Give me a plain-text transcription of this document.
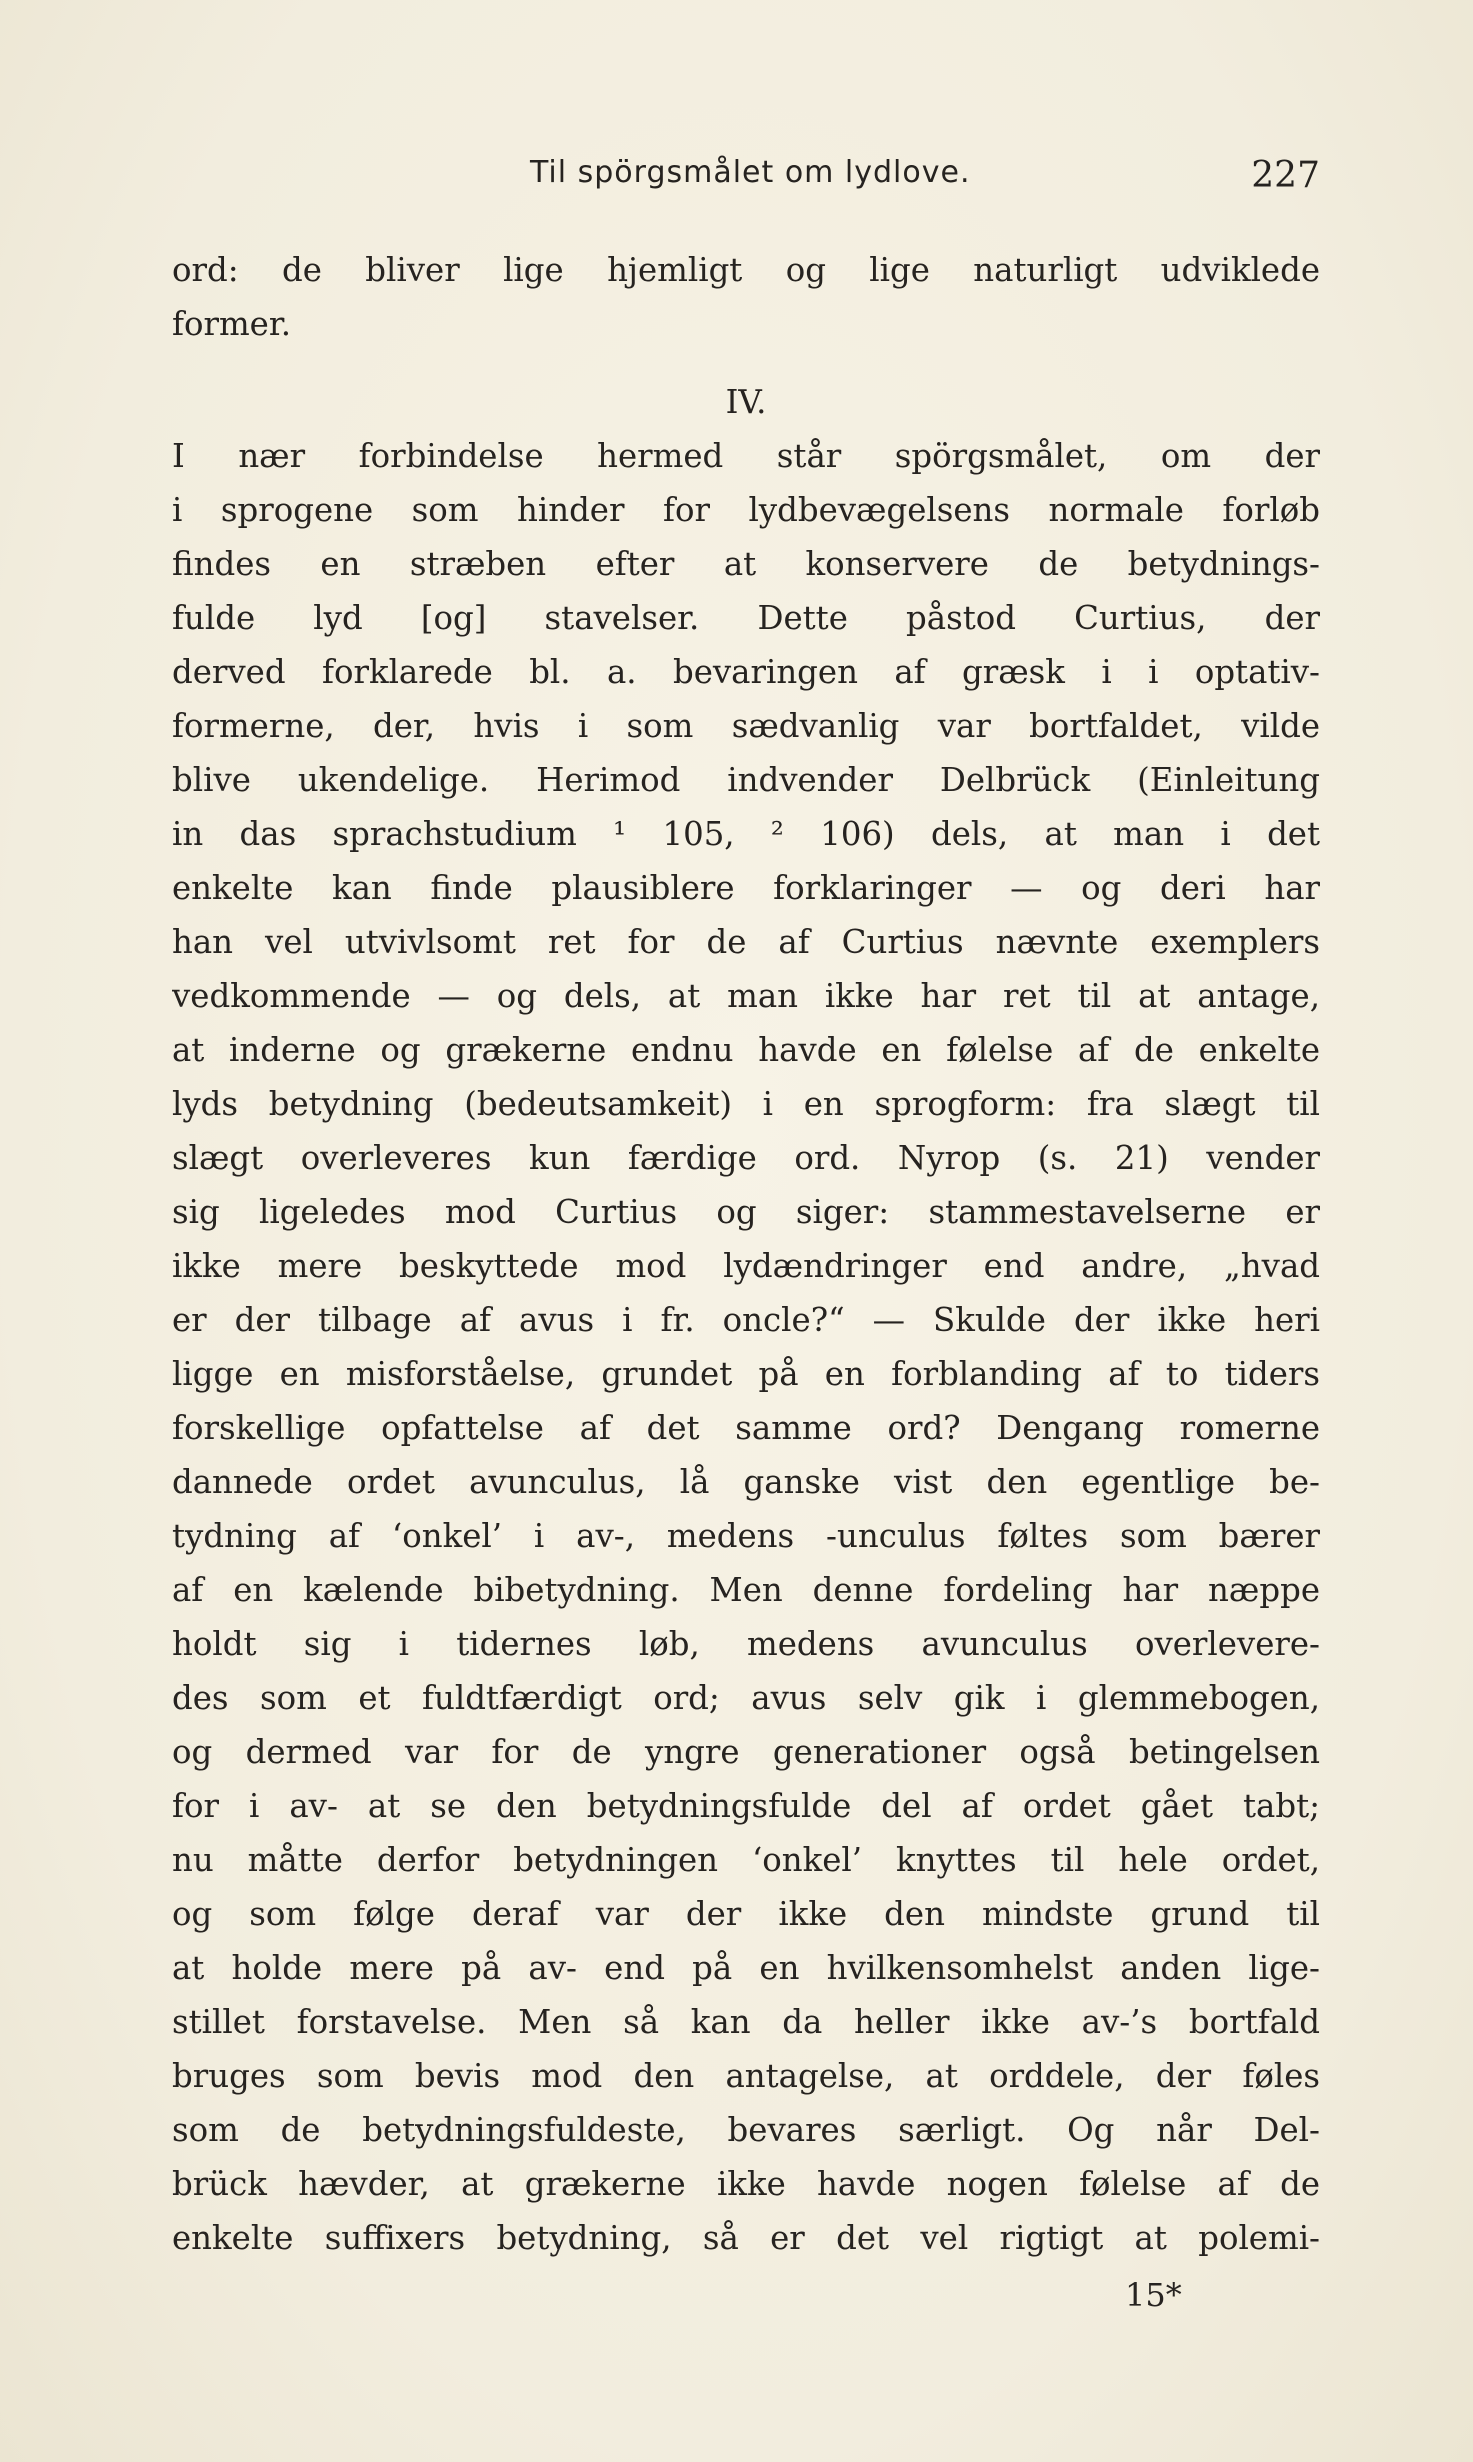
Til spörgsmålet om lydlove.	227
ord: de bliver lige hjemligt og lige naturligt udviklede
former.
IV.
I nær forbindelse hermed står spörgsmålet, om der
i sprogene som hinder for lydbevægelsens normale forløb
findes en stræben efter at konservere de betydnings-
fulde lyd [og] stavelser. Dette påstod Curtius, der
derved forklarede bl. a. bevaringen af græsk i i optativ-
formerne, der, hvis i som sædvanlig var bortfaldet, vilde
blive ukendelige. Herimod indvender Delbrück (Einleitung
in das sprachstudium ¹ 105, ² 106) dels, at man i det
enkelte kan finde plausiblere forklaringer — og deri har
han vel utvivlsomt ret for de af Curtius nævnte exemplers
vedkommende — og dels, at man ikke har ret til at antage,
at inderne og grækerne endnu havde en følelse af de enkelte
lyds betydning (bedeutsamkeit) i en sprogform: fra slægt til
slægt overleveres kun færdige ord. Nyrop (s. 21) vender
sig ligeledes mod Curtius og siger: stammestavelserne er
ikke mere beskyttede mod lydændringer end andre, „hvad
er der tilbage af avus i fr. oncle?“ — Skulde der ikke heri
ligge en misforståelse, grundet på en forblanding af to tiders
forskellige opfattelse af det samme ord? Dengang romerne
dannede ordet avunculus, lå ganske vist den egentlige be-
tydning af ‘onkel’ i av-, medens -unculus føltes som bærer
af en kælende bibetydning. Men denne fordeling har næppe
holdt sig i tidernes løb, medens avunculus overlevere-
des som et fuldtfærdigt ord; avus selv gik i glemmebogen,
og dermed var for de yngre generationer også betingelsen
for i av- at se den betydningsfulde del af ordet gået tabt;
nu måtte derfor betydningen ‘onkel’ knyttes til hele ordet,
og som følge deraf var der ikke den mindste grund til
at holde mere på av- end på en hvilkensomhelst anden lige-
stillet forstavelse. Men så kan da heller ikke av-’s bortfald
bruges som bevis mod den antagelse, at orddele, der føles
som de betydningsfuldeste, bevares særligt. Og når Del-
brück hævder, at grækerne ikke havde nogen følelse af de
enkelte suffixers betydning, så er det vel rigtigt at polemi-
15*
